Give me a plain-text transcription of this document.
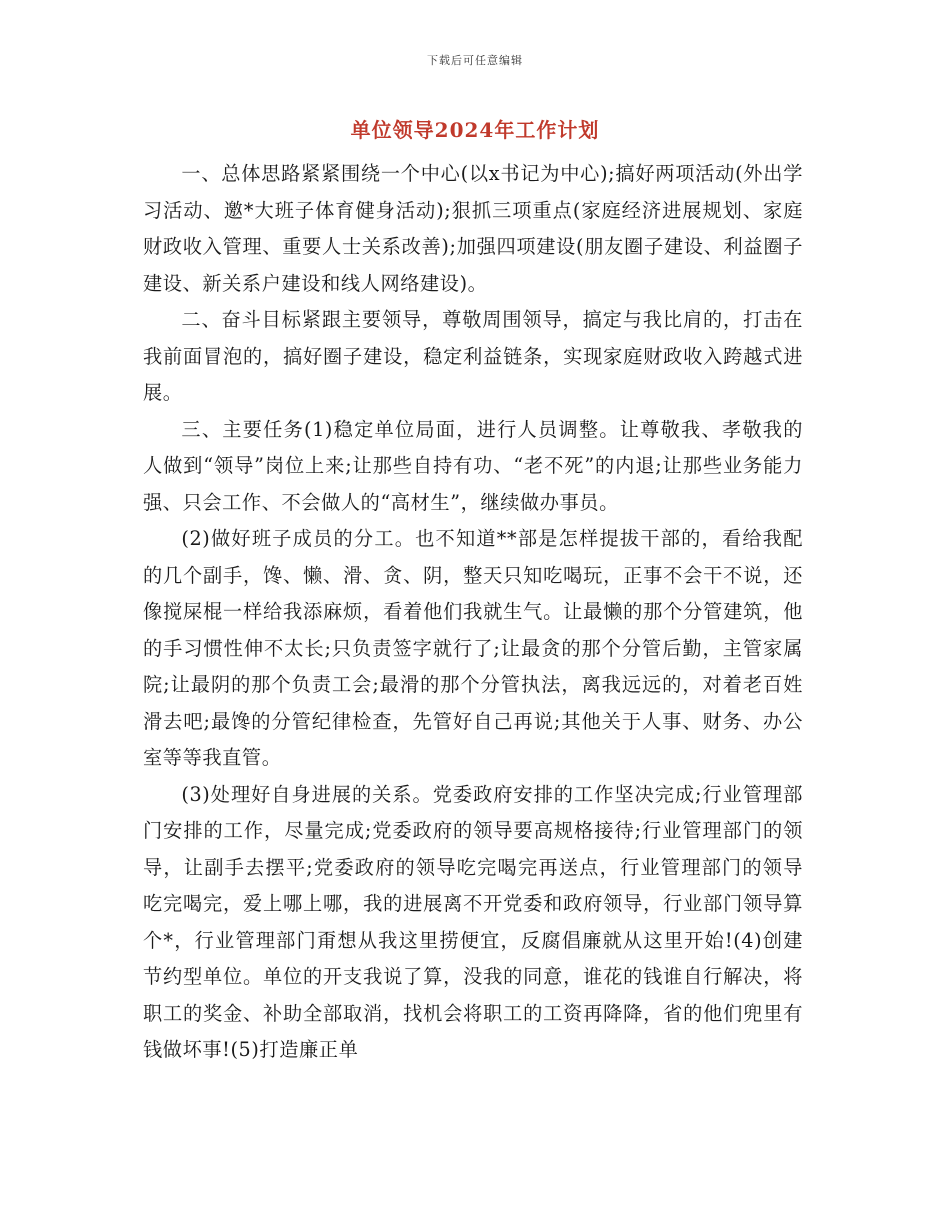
下载后可任意编辑
单位领导2024年工作计划

一、总体思路紧紧围绕一个中心(以x书记为中心);搞好两项活动(外出学习活动、邀*大班子体育健身活动);狠抓三项重点(家庭经济进展规划、家庭财政收入管理、重要人士关系改善);加强四项建设(朋友圈子建设、利益圈子建设、新关系户建设和线人网络建设)。

二、奋斗目标紧跟主要领导，尊敬周围领导，搞定与我比肩的，打击在我前面冒泡的，搞好圈子建设，稳定利益链条，实现家庭财政收入跨越式进展。

三、主要任务(1)稳定单位局面，进行人员调整。让尊敬我、孝敬我的人做到“领导”岗位上来;让那些自持有功、“老不死”的内退;让那些业务能力强、只会工作、不会做人的“高材生”，继续做办事员。

(2)做好班子成员的分工。也不知道**部是怎样提拔干部的，看给我配的几个副手，馋、懒、滑、贪、阴，整天只知吃喝玩，正事不会干不说，还像搅屎棍一样给我添麻烦，看着他们我就生气。让最懒的那个分管建筑，他的手习惯性伸不太长;只负责签字就行了;让最贪的那个分管后勤，主管家属院;让最阴的那个负责工会;最滑的那个分管执法，离我远远的，对着老百姓滑去吧;最馋的分管纪律检查，先管好自己再说;其他关于人事、财务、办公室等等我直管。

(3)处理好自身进展的关系。党委政府安排的工作坚决完成;行业管理部门安排的工作，尽量完成;党委政府的领导要高规格接待;行业管理部门的领导，让副手去摆平;党委政府的领导吃完喝完再送点，行业管理部门的领导吃完喝完，爱上哪上哪，我的进展离不开党委和政府领导，行业部门领导算个*，行业管理部门甭想从我这里捞便宜，反腐倡廉就从这里开始!(4)创建节约型单位。单位的开支我说了算，没我的同意，谁花的钱谁自行解决，将职工的奖金、补助全部取消，找机会将职工的工资再降降，省的他们兜里有钱做坏事!(5)打造廉正单
